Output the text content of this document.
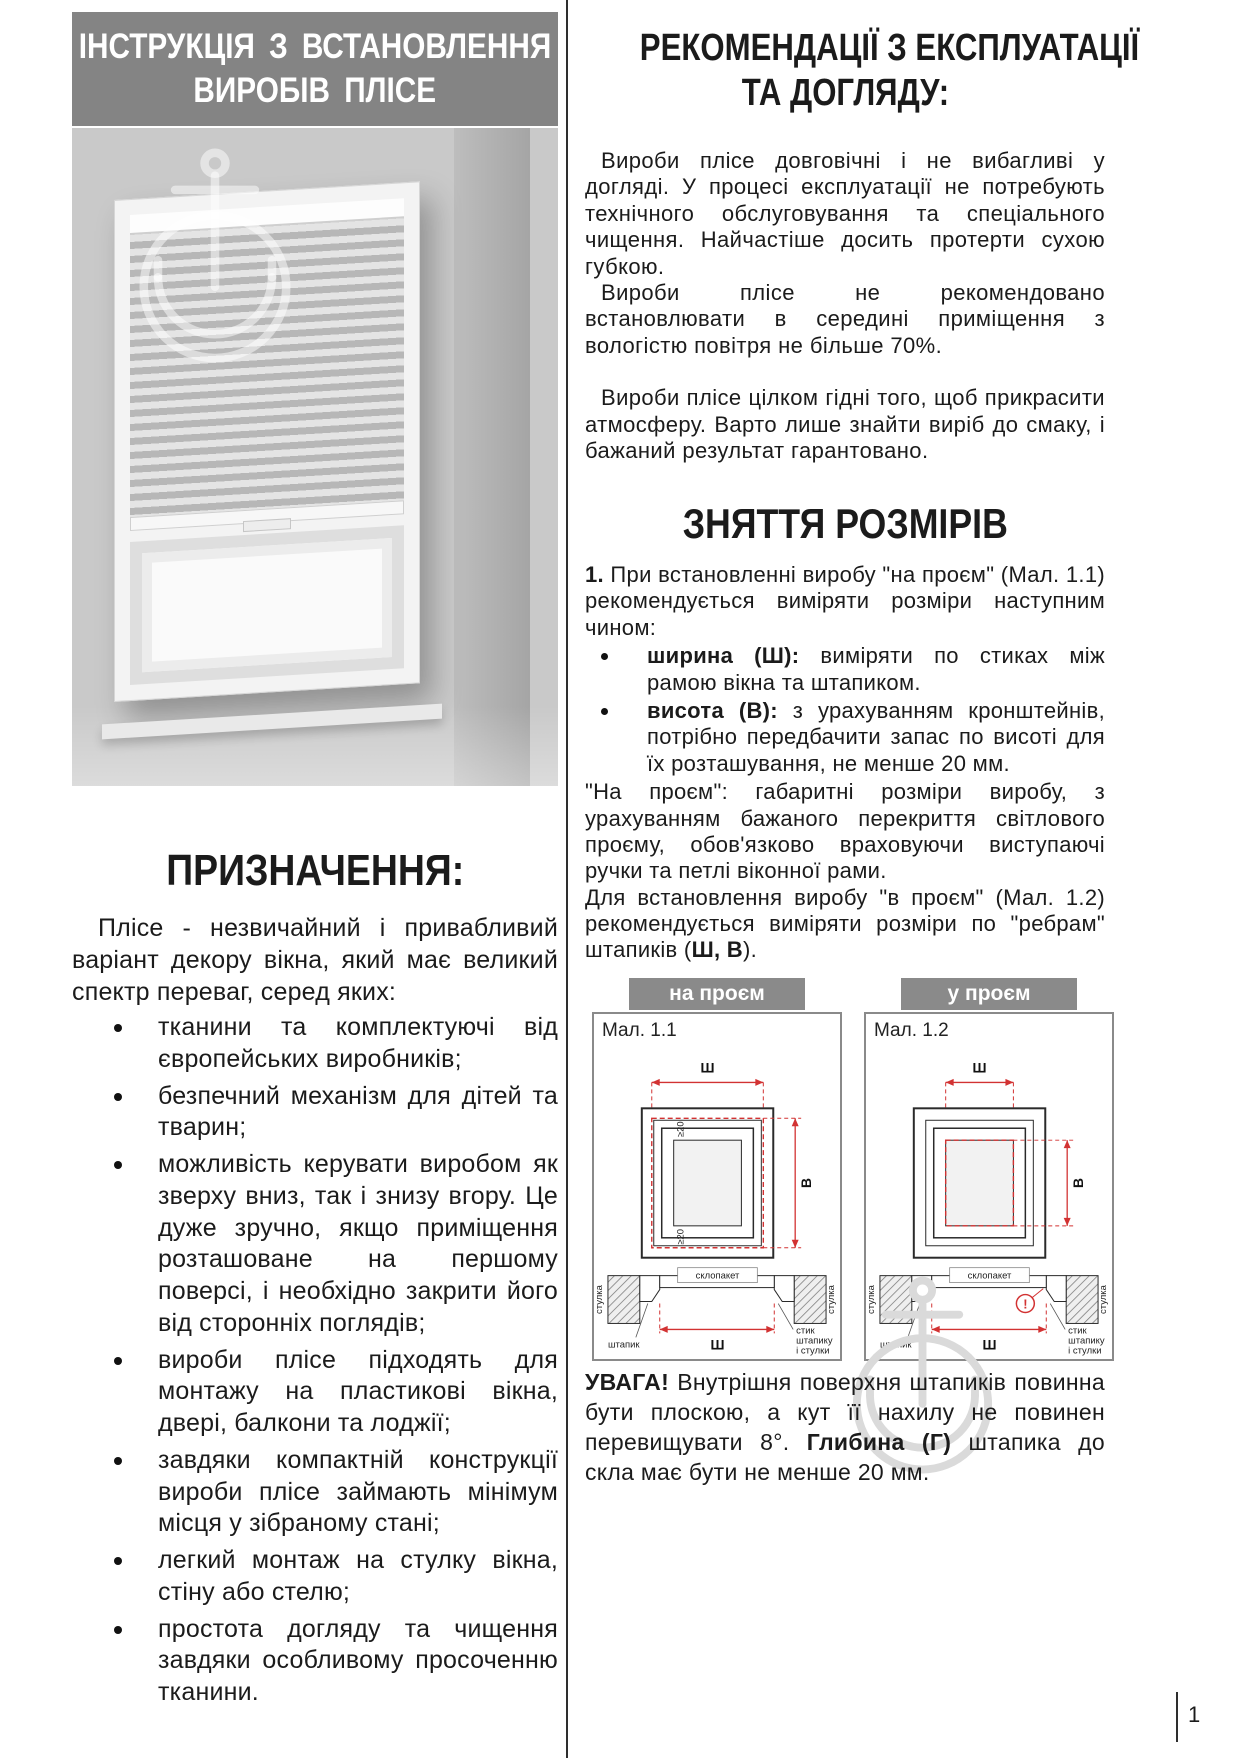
ІНСТРУКЦІЯ З ВСТАНОВЛЕННЯ
ВИРОБІВ ПЛІСЕ
ПРИЗНАЧЕННЯ:

Плісе - незвичайний і привабливий варіант декору вікна, який має великий спектр переваг, серед яких:

тканини та комплектуючі від європейських виробників;
безпечний механізм для дітей та тварин;
можливість керувати виробом як зверху вниз, так і знизу вгору. Це дуже зручно, якщо приміщення розташоване на першому поверсі, і необхідно закрити його від сторонніх поглядів;
вироби плісе підходять для монтажу на пластикові вікна, двері, балкони та лоджії;
завдяки компактній конструкції вироби плісе займають мінімум місця у зібраному стані;
легкий монтаж на стулку вікна, стіну або стелю;
простота догляду та чищення завдяки особливому просоченню тканини.
РЕКОМЕНДАЦІЇ З ЕКСПЛУАТАЦІЇ
ТА ДОГЛЯДУ:

Вироби плісе довговічні і не вибагливі у догляді. У процесі експлуатації не потребують технічного обслуговування та спеціального чищення. Найчастіше досить протерти сухою губкою.

Вироби плісе не рекомендовано встановлювати в середині приміщення з вологістю повітря не більше 70%.

Вироби плісе цілком гідні того, щоб прикрасити атмосферу. Варто лише знайти виріб до смаку, і бажаний результат гарантовано.

ЗНЯТТЯ РОЗМІРІВ

1. При встановленні виробу "на проєм" (Мал. 1.1) рекомендується виміряти розміри наступним чином:

ширина (Ш): виміряти по стиках між рамою вікна та штапиком.
висота (В): з урахуванням кронштейнів, потрібно передбачити запас по висоті для їх розташування, не менше 20 мм.

"На проєм": габаритні розміри виробу, з урахуванням бажаного перекриття світлового проєму, обов'язково враховуючи виступаючі ручки та петлі віконної рами.

Для встановлення виробу "в проєм" (Мал. 1.2) рекомендується виміряти розміри по "ребрам" штапиків (Ш, В).

на проєм
Мал. 1.1
Ш
≥20
≥20
В
склопакет
стулка	стулка
Ш
штапик
стик
штапику
і стулки
у проєм
Мал. 1.2
Ш
В
склопакет
стулка	стулка
!
Ш
штапик
стик
штапику
і стулки

УВАГА! Внутрішня поверхня штапиків повинна бути плоскою, а кут її нахилу не повинен перевищувати 8°. Глибина (Г) штапика до скла має бути не менше 20 мм.

1
